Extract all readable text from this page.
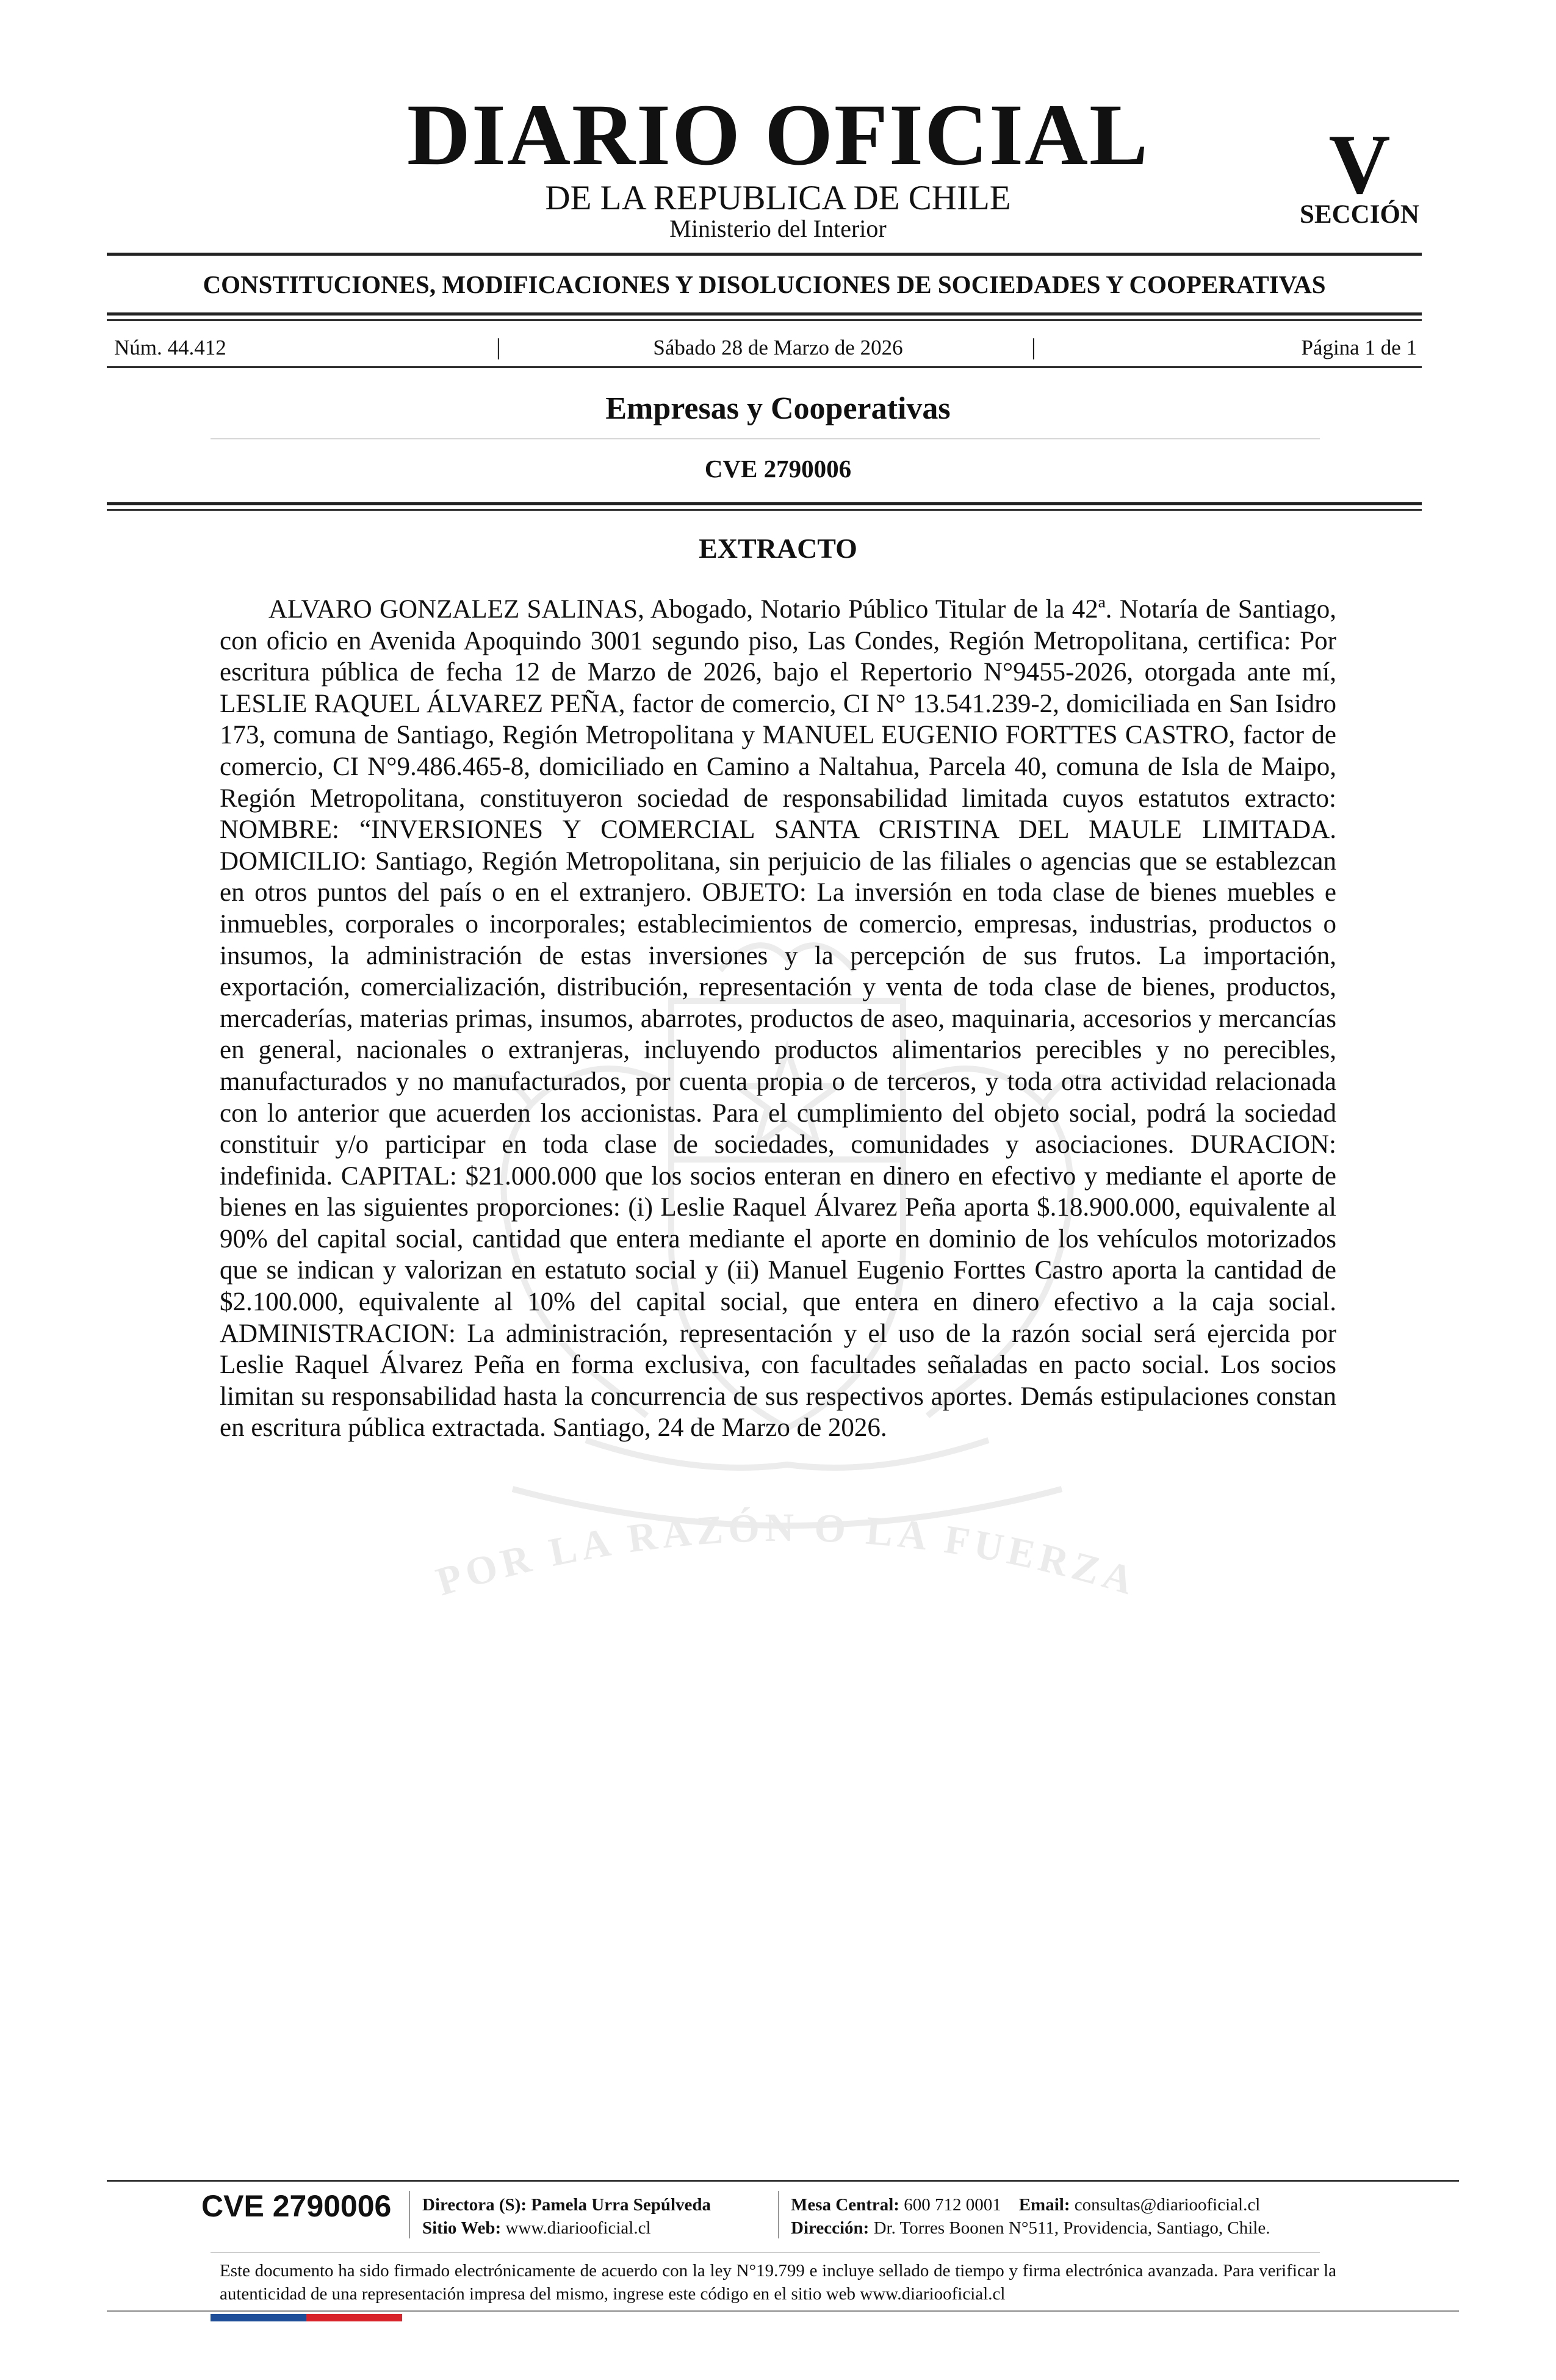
DIARIO OFICIAL
DE LA REPUBLICA DE CHILE
Ministerio del Interior
V
SECCIÓN
CONSTITUCIONES, MODIFICACIONES Y DISOLUCIONES DE SOCIEDADES Y COOPERATIVAS
Núm. 44.412	|	Sábado 28 de Marzo de 2026	|	Página 1 de 1
Empresas y Cooperativas
CVE 2790006
POR LA RAZÓN O LA FUERZA
EXTRACTO

ALVARO GONZALEZ SALINAS, Abogado, Notario Público Titular de la 42ª. Notaría de Santiago, con oficio en Avenida Apoquindo 3001 segundo piso, Las Condes, Región Metropolitana, certifica: Por escritura pública de fecha 12 de Marzo de 2026, bajo el Repertorio N°9455-2026, otorgada ante mí, LESLIE RAQUEL ÁLVAREZ PEÑA, factor de comercio, CI N° 13.541.239-2, domiciliada en San Isidro 173, comuna de Santiago, Región Metropolitana y MANUEL EUGENIO FORTTES CASTRO, factor de comercio, CI N°9.486.465-8, domiciliado en Camino a Naltahua, Parcela 40, comuna de Isla de Maipo, Región Metropolitana, constituyeron sociedad de responsabilidad limitada cuyos estatutos extracto: NOMBRE: “INVERSIONES Y COMERCIAL SANTA CRISTINA DEL MAULE LIMITADA. DOMICILIO: Santiago, Región Metropolitana, sin perjuicio de las filiales o agencias que se establezcan en otros puntos del país o en el extranjero. OBJETO: La inversión en toda clase de bienes muebles e inmuebles, corporales o incorporales; establecimientos de comercio, empresas, industrias, productos o insumos, la administración de estas inversiones y la percepción de sus frutos. La importación, exportación, comercialización, distribución, representación y venta de toda clase de bienes, productos, mercaderías, materias primas, insumos, abarrotes, productos de aseo, maquinaria, accesorios y mercancías en general, nacionales o extranjeras, incluyendo productos alimentarios perecibles y no perecibles, manufacturados y no manufacturados, por cuenta propia o de terceros, y toda otra actividad relacionada con lo anterior que acuerden los accionistas. Para el cumplimiento del objeto social, podrá la sociedad constituir y/o participar en toda clase de sociedades, comunidades y asociaciones. DURACION: indefinida. CAPITAL: $21.000.000 que los socios enteran en dinero en efectivo y mediante el aporte de bienes en las siguientes proporciones: (i) Leslie Raquel Álvarez Peña aporta $.18.900.000, equivalente al 90% del capital social, cantidad que entera mediante el aporte en dominio de los vehículos motorizados que se indican y valorizan en estatuto social y (ii) Manuel Eugenio Forttes Castro aporta la cantidad de $2.100.000, equivalente al 10% del capital social, que entera en dinero efectivo a la caja social. ADMINISTRACION: La administración, representación y el uso de la razón social será ejercida por Leslie Raquel Álvarez Peña en forma exclusiva, con facultades señaladas en pacto social. Los socios limitan su responsabilidad hasta la concurrencia de sus respectivos aportes. Demás estipulaciones constan en escritura pública extractada. Santiago, 24 de Marzo de 2026.

CVE 2790006 Directora (S): Pamela Urra Sepúlveda
Sitio Web: www.diariooficial.cl
Mesa Central: 600 712 0001 Email: consultas@diariooficial.cl
Dirección: Dr. Torres Boonen N°511, Providencia, Santiago, Chile.
Este documento ha sido firmado electrónicamente de acuerdo con la ley N°19.799 e incluye sellado de tiempo y firma electrónica avanzada. Para verificar la autenticidad de una representación impresa del mismo, ingrese este código en el sitio web www.diariooficial.cl
